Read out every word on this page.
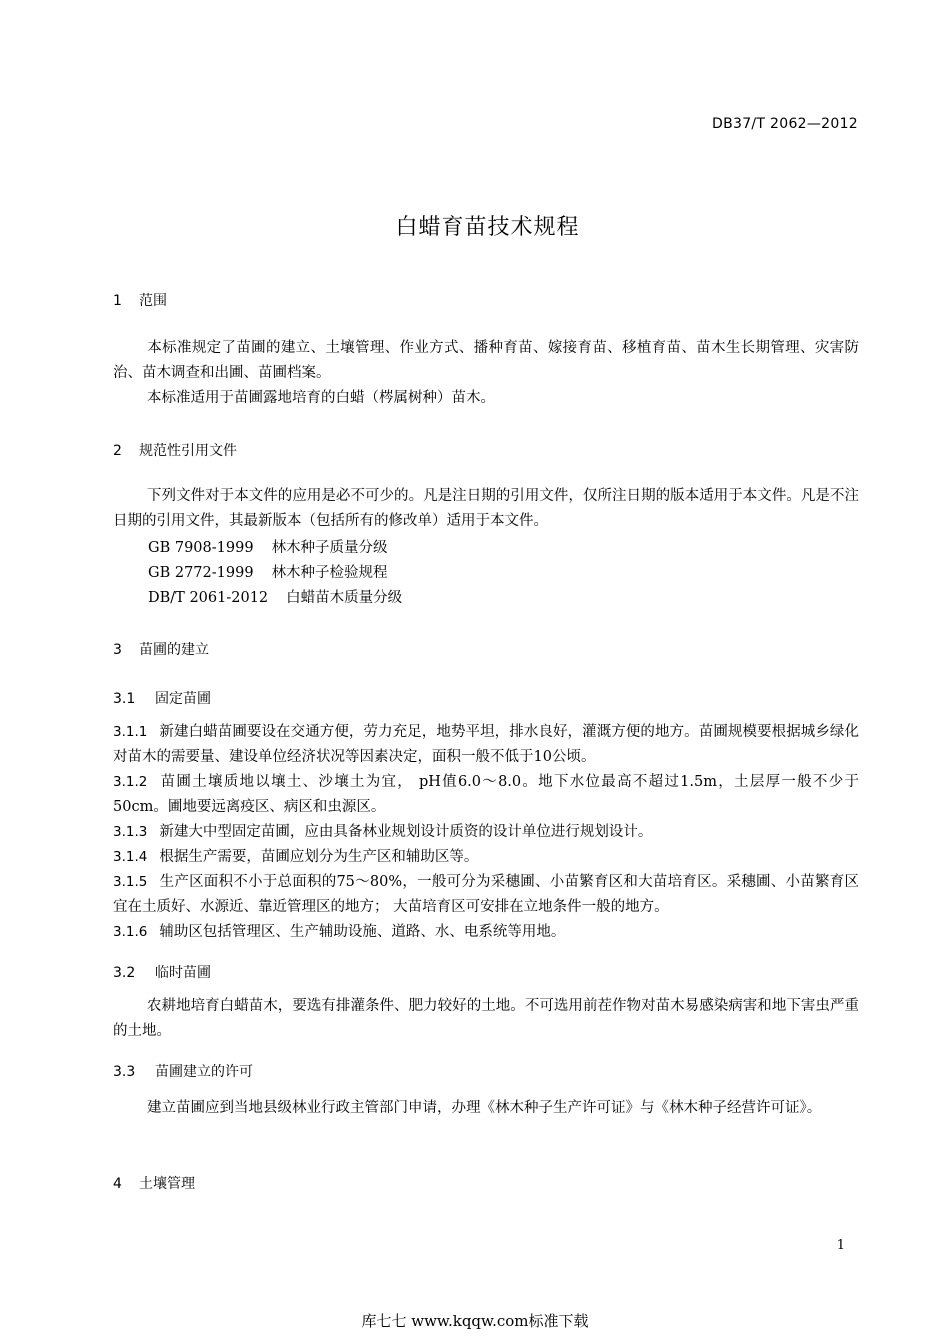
DB37/T 2062—2012
白蜡育苗技术规程
1 范围
本标准规定了苗圃的建立、土壤管理、作业方式、播种育苗、嫁接育苗、移植育苗、苗木生长期管理、灾害防治、苗木调查和出圃、苗圃档案。
本标准适用于苗圃露地培育的白蜡（梣属树种）苗木。
2 规范性引用文件
下列文件对于本文件的应用是必不可少的。凡是注日期的引用文件，仅所注日期的版本适用于本文件。凡是不注日期的引用文件，其最新版本（包括所有的修改单）适用于本文件。
GB 7908-1999 林木种子质量分级
GB 2772-1999 林木种子检验规程
DB/T 2061-2012 白蜡苗木质量分级
3 苗圃的建立
3.1 固定苗圃
3.1.1 新建白蜡苗圃要设在交通方便，劳力充足，地势平坦，排水良好，灌溉方便的地方。苗圃规模要根据城乡绿化对苗木的需要量、建设单位经济状况等因素决定，面积一般不低于10公顷。
3.1.2 苗圃土壤质地以壤土、沙壤土为宜， pH值6.0～8.0。地下水位最高不超过1.5m，土层厚一般不少于50cm。圃地要远离疫区、病区和虫源区。
3.1.3 新建大中型固定苗圃，应由具备林业规划设计质资的设计单位进行规划设计。
3.1.4 根据生产需要，苗圃应划分为生产区和辅助区等。
3.1.5 生产区面积不小于总面积的75～80%，一般可分为采穗圃、小苗繁育区和大苗培育区。采穗圃、小苗繁育区宜在土质好、水源近、靠近管理区的地方； 大苗培育区可安排在立地条件一般的地方。
3.1.6 辅助区包括管理区、生产辅助设施、道路、水、电系统等用地。
3.2 临时苗圃
农耕地培育白蜡苗木，要选有排灌条件、肥力较好的土地。不可选用前茬作物对苗木易感染病害和地下害虫严重的土地。
3.3 苗圃建立的许可
建立苗圃应到当地县级林业行政主管部门申请，办理《林木种子生产许可证》与《林木种子经营许可证》。
4 土壤管理
1
库七七 www.kqqw.com标准下载
